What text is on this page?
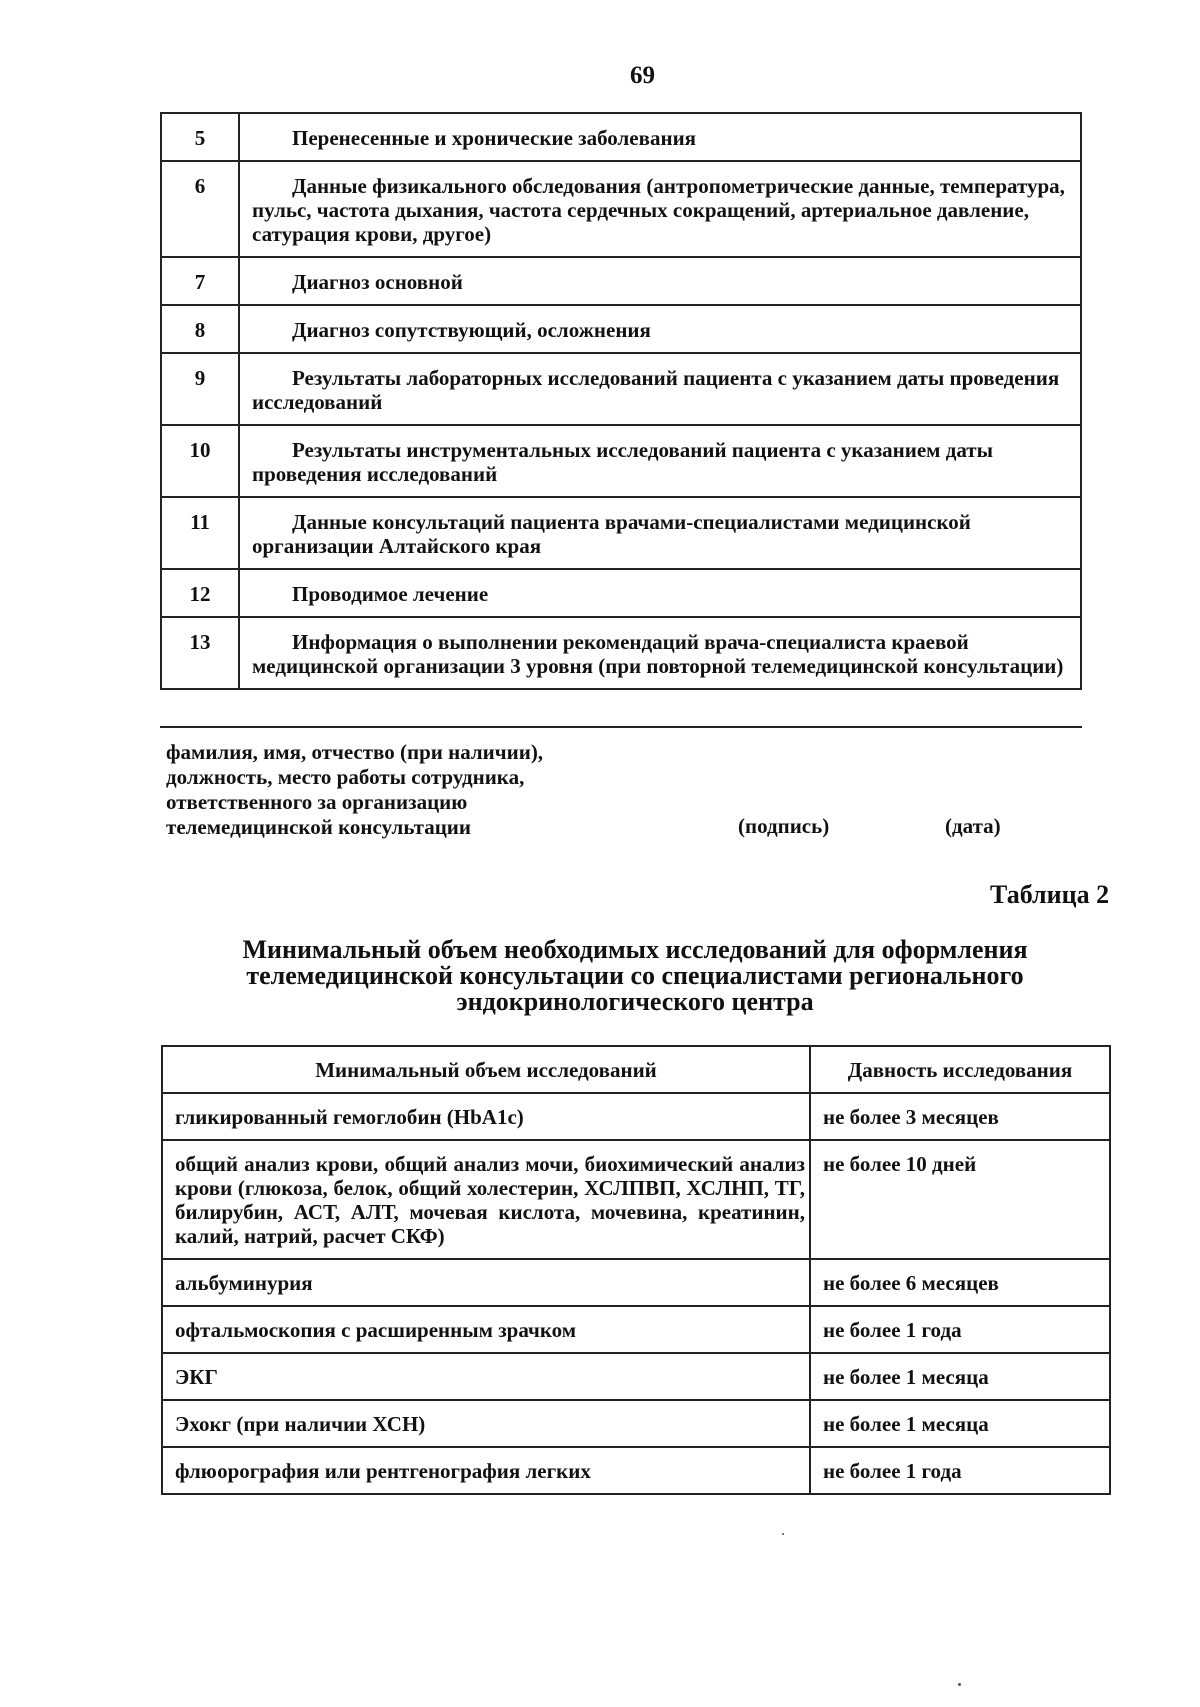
69
5	Перенесенные и хронические заболевания
6	Данные физикального обследования (антропометрические данные, температура, пульс, частота дыхания, частота сердечных сокращений, артериальное давление, сатурация крови, другое)
7	Диагноз основной
8	Диагноз сопутствующий, осложнения
9	Результаты лабораторных исследований пациента с указанием даты проведения исследований
10	Результаты инструментальных исследований пациента с указанием даты проведения исследований
11	Данные консультаций пациента врачами-специалистами медицинской организации Алтайского края
12	Проводимое лечение
13	Информация о выполнении рекомендаций врача-специалиста краевой медицинской организации 3 уровня (при повторной телемедицинской консультации)
фамилия, имя, отчество (при наличии),
должность, место работы сотрудника,
ответственного за организацию
телемедицинской консультации	(подпись)	(дата)
Таблица 2
Минимальный объем необходимых исследований для оформления
телемедицинской консультации со специалистами регионального
эндокринологического центра
Минимальный объем исследований	Давность исследования
гликированный гемоглобин (HbA1c)	не более 3 месяцев
общий анализ крови, общий анализ мочи, биохимический анализ крови (глюкоза, белок, общий холестерин, ХСЛПВП, ХСЛНП, ТГ, билирубин, АСТ, АЛТ, мочевая кислота, мочевина, креатинин, калий, натрий, расчет СКФ)	не более 10 дней
альбуминурия	не более 6 месяцев
офтальмоскопия с расширенным зрачком	не более 1 года
ЭКГ	не более 1 месяца
Эхокг (при наличии ХСН)	не более 1 месяца
флюорография или рентгенография легких	не более 1 года
